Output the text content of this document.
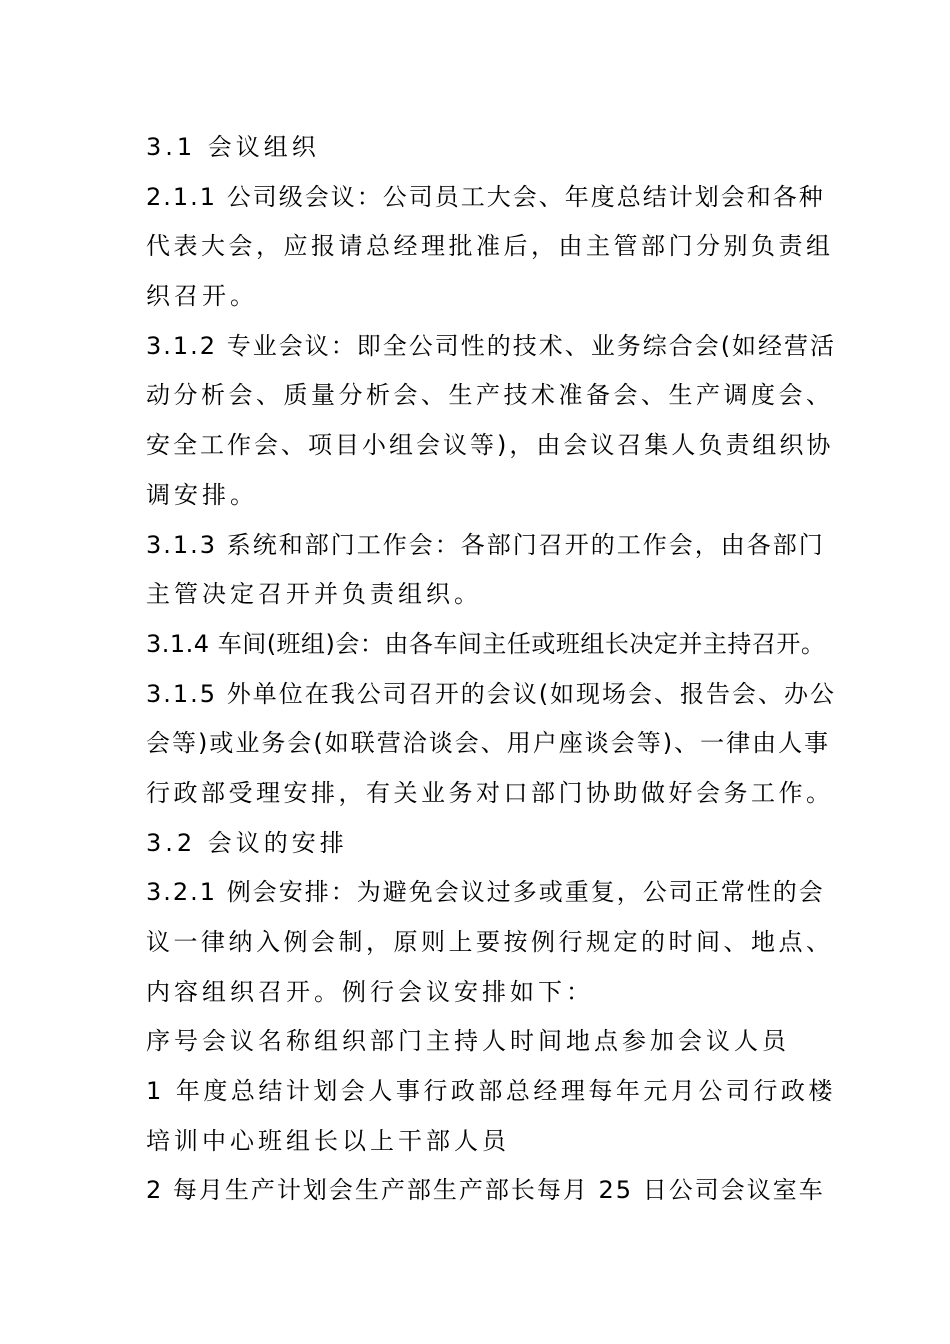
3.1 会议组织
2.1.1 公司级会议：公司员工大会、年度总结计划会和各种
代表大会，应报请总经理批准后，由主管部门分别负责组
织召开。
3.1.2 专业会议：即全公司性的技术、业务综合会(如经营活
动分析会、质量分析会、生产技术准备会、生产调度会、
安全工作会、项目小组会议等)，由会议召集人负责组织协
调安排。
3.1.3 系统和部门工作会：各部门召开的工作会，由各部门
主管决定召开并负责组织。
3.1.4 车间(班组)会：由各车间主任或班组长决定并主持召开。
3.1.5 外单位在我公司召开的会议(如现场会、报告会、办公
会等)或业务会(如联营洽谈会、用户座谈会等)、一律由人事
行政部受理安排，有关业务对口部门协助做好会务工作。
3.2 会议的安排
3.2.1 例会安排：为避免会议过多或重复，公司正常性的会
议一律纳入例会制，原则上要按例行规定的时间、地点、
内容组织召开。例行会议安排如下：
序号会议名称组织部门主持人时间地点参加会议人员
1 年度总结计划会人事行政部总经理每年元月公司行政楼
培训中心班组长以上干部人员
2 每月生产计划会生产部生产部长每月 25 日公司会议室车
